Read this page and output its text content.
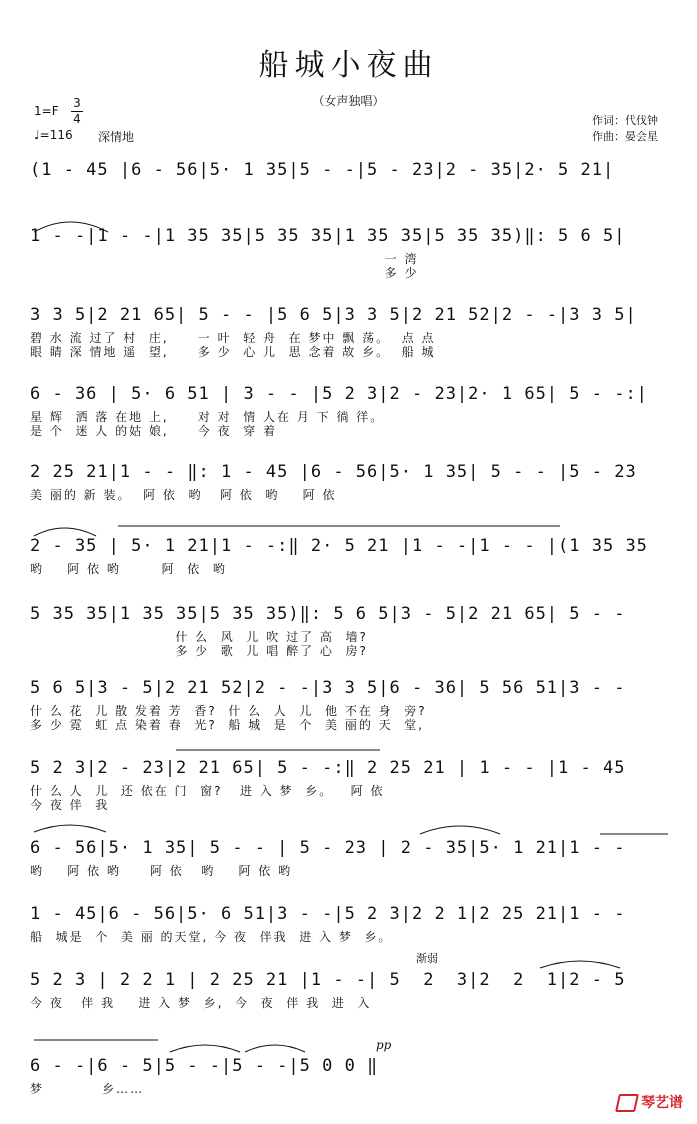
船城小夜曲
（女声独唱）
1=F
3
4
♩=116 深情地
作词：代伐钟
作曲：晏会星
(1 - 45 |6 - 56|5· 1 35|5 - -|5 - 23|2 - 35|2· 5 21|
1 - -|1 - -|1 35 35|5 35 35|1 35 35|5 35 35)‖: 5 6 5|
一 湾
多 少
3 3 5|2 21 65| 5 - - |5 6 5|3 3 5|2 21 52|2 - -|3 3 5|
碧 水 流 过了 村  庄,     一 叶  轻 舟  在 梦中 飘 荡。  点 点
眼 睛 深 情地 遥  望,     多 少  心 儿  思 念着 故 乡。  船 城
6 - 36 | 5· 6 51 | 3 - - |5 2 3|2 - 23|2· 1 65| 5 - -:|
星 辉  洒 落 在地 上,     对 对  情 人在 月 下 徜 徉。
是 个  迷 人 的姑 娘,     今 夜  穿 着
2 25 21|1 - - ‖: 1 - 45 |6 - 56|5· 1 35| 5 - - |5 - 23
美 丽的 新 装。  阿 依  哟   阿 依  哟    阿 依
2 - 35 | 5· 1 21|1 - -:‖ 2· 5 21 |1 - -|1 - - |(1 35 35
哟    阿 依 哟       阿  依  哟
5 35 35|1 35 35|5 35 35)‖: 5 6 5|3 - 5|2 21 65| 5 - -
什 么  风  儿 吹 过了 高  墙?
多 少  歌  儿 唱 醉了 心  房?
5 6 5|3 - 5|2 21 52|2 - -|3 3 5|6 - 36| 5 56 51|3 - -
什 么 花  儿 散 发着 芳  香?  什 么  人  儿  他 不在 身  旁?
多 少 霓  虹 点 染着 春  光?  船 城  是  个  美 丽的 天  堂,
5 2 3|2 - 23|2 21 65| 5 - -:‖ 2 25 21 | 1 - - |1 - 45
什 么 人  儿  还 依在 门  窗?   进 入 梦  乡。   阿 依
今 夜 伴  我
6 - 56|5· 1 35| 5 - - | 5 - 23 | 2 - 35|5· 1 21|1 - -
哟    阿 依 哟     阿 依   哟    阿 依 哟
1 - 45|6 - 56|5· 6 51|3 - -|5 2 3|2 2 1|2 25 21|1 - -
船  城是  个  美 丽 的天堂, 今 夜  伴我  进 入 梦  乡。
渐弱
5 2 3 | 2 2 1 | 2 25 21 |1 - -| 5  2  3|2  2  1|2 - 5
今 夜   伴 我    进 入 梦  乡,  今  夜  伴 我  进  入
pp
6 - -|6 - 5|5 - -|5 - -|5 0 0 ‖
梦          乡……
琴艺谱
